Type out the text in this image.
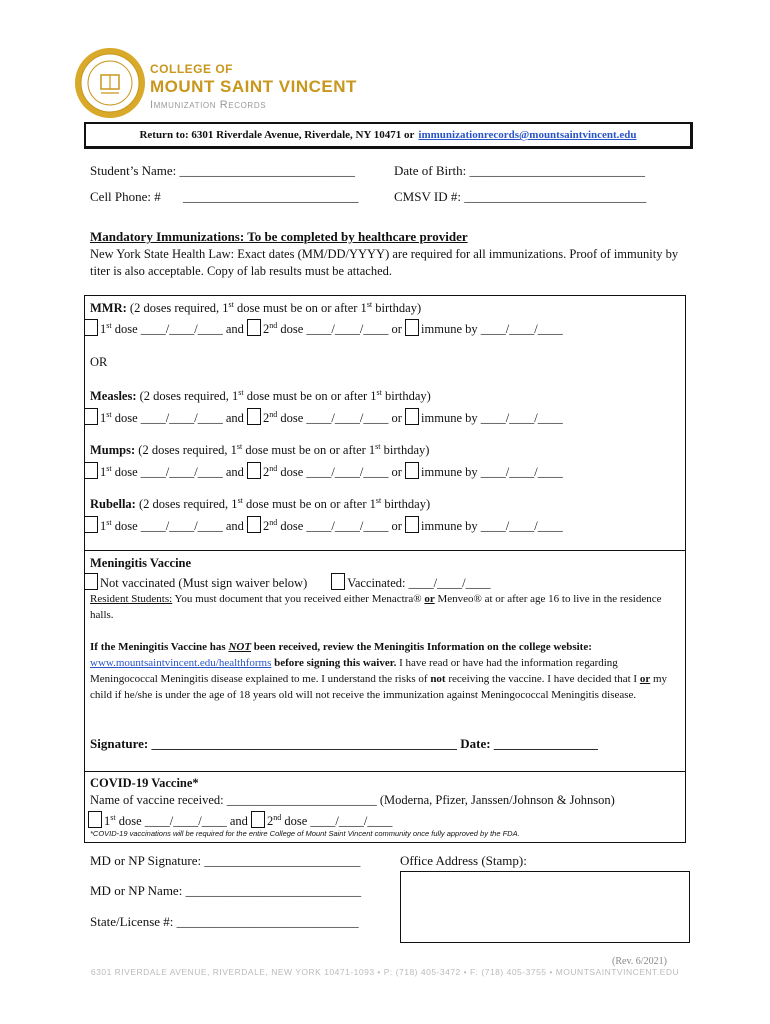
COLLEGE OF
MOUNT SAINT VINCENT
Immunization Records
Return to: 6301 Riverdale Avenue, Riverdale, NY 10471 or immunizationrecords@mountsaintvincent.edu
Student’s Name: ___________________________	Date of Birth: ___________________________
Cell Phone: # ___________________________	CMSV ID #: ____________________________
Mandatory Immunizations: To be completed by healthcare provider
New York State Health Law: Exact dates (MM/DD/YYYY) are required for all immunizations. Proof of immunity by titer is also acceptable. Copy of lab results must be attached.
MMR: (2 doses required, 1st dose must be on or after 1st birthday)
1st dose ____/____/____ and 2nd dose ____/____/____ or immune by ____/____/____
OR
Measles: (2 doses required, 1st dose must be on or after 1st birthday)
1st dose ____/____/____ and 2nd dose ____/____/____ or immune by ____/____/____
Mumps: (2 doses required, 1st dose must be on or after 1st birthday)
1st dose ____/____/____ and 2nd dose ____/____/____ or immune by ____/____/____
Rubella: (2 doses required, 1st dose must be on or after 1st birthday)
1st dose ____/____/____ and 2nd dose ____/____/____ or immune by ____/____/____
Meningitis Vaccine
Not vaccinated (Must sign waiver below)	Vaccinated: ____/____/____
Resident Students: You must document that you received either Menactra® or Menveo® at or after age 16 to live in the residence halls.
If the Meningitis Vaccine has NOT been received, review the Meningitis Information on the college website:
www.mountsaintvincent.edu/healthforms before signing this waiver. I have read or have had the information regarding Meningococcal Meningitis disease explained to me. I understand the risks of not receiving the vaccine. I have decided that I or my child if he/she is under the age of 18 years old will not receive the immunization against Meningococcal Meningitis disease.
Signature: _______________________________________________ Date: ________________
COVID-19 Vaccine*
Name of vaccine received: ________________________ (Moderna, Pfizer, Janssen/Johnson & Johnson)
1st dose ____/____/____ and 2nd dose ____/____/____
*COVID-19 vaccinations will be required for the entire College of Mount Saint Vincent community once fully approved by the FDA.
MD or NP Signature: ________________________	Office Address (Stamp):
MD or NP Name: ___________________________
State/License #: ____________________________
(Rev. 6/2021)
6301 RIVERDALE AVENUE, RIVERDALE, NEW YORK 10471-1093 • P: (718) 405-3472 • F: (718) 405-3755 • MOUNTSAINTVINCENT.EDU
